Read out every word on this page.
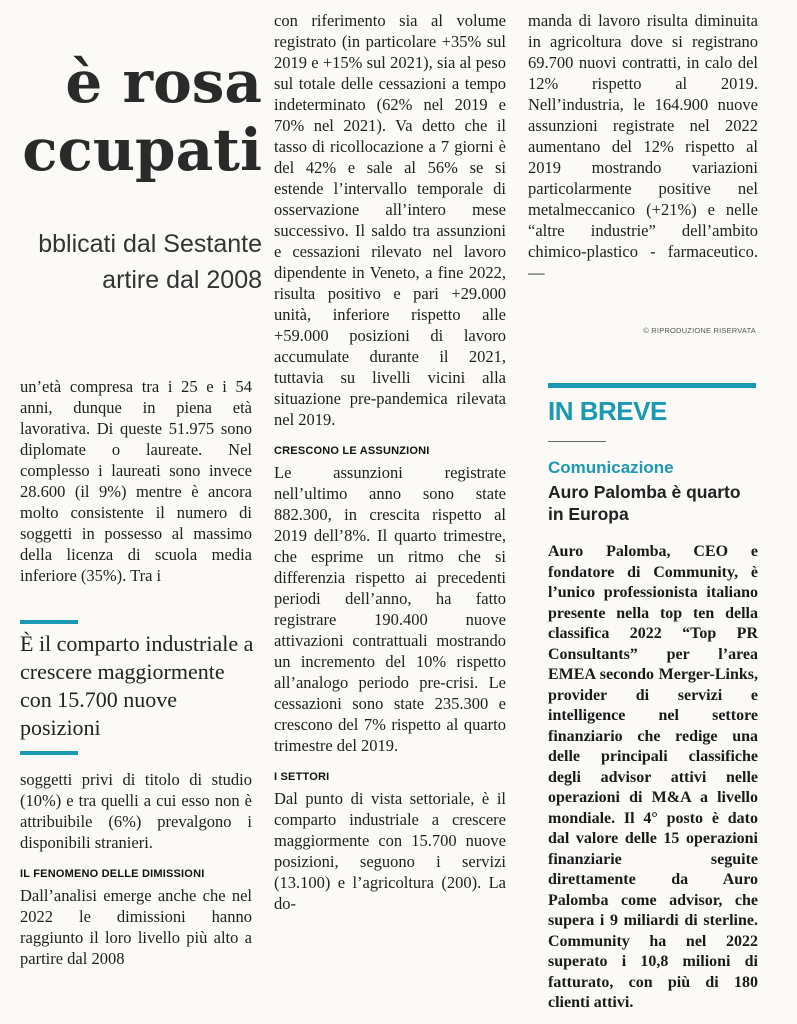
è rosa
ccupati
bblicati dal Sestante
artire dal 2008

un’età compresa tra i 25 e i 54 anni, dunque in piena età lavorativa. Di queste 51.975 sono diplomate o laureate. Nel complesso i laureati sono invece 28.600 (il 9%) mentre è ancora molto consistente il numero di soggetti in possesso al massimo della licenza di scuola media inferiore (35%). Tra i

È il comparto industriale a crescere maggiormente con 15.700 nuove posizioni

soggetti privi di titolo di studio (10%) e tra quelli a cui esso non è attribuibile (6%) prevalgono i disponibili stranieri.

IL FENOMENO DELLE DIMISSIONI

Dall’analisi emerge anche che nel 2022 le dimissioni hanno raggiunto il loro livello più alto a partire dal 2008

con riferimento sia al volume registrato (in particolare +35% sul 2019 e +15% sul 2021), sia al peso sul totale delle cessazioni a tempo indeterminato (62% nel 2019 e 70% nel 2021). Va detto che il tasso di ricollocazione a 7 giorni è del 42% e sale al 56% se si estende l’intervallo temporale di osservazione all’intero mese successivo. Il saldo tra assunzioni e cessazioni rilevato nel lavoro dipendente in Veneto, a fine 2022, risulta positivo e pari +29.000 unità, inferiore rispetto alle +59.000 posizioni di lavoro accumulate durante il 2021, tuttavia su livelli vicini alla situazione pre-pandemica rilevata nel 2019.

CRESCONO LE ASSUNZIONI

Le assunzioni registrate nell’ultimo anno sono state 882.300, in crescita rispetto al 2019 dell’8%. Il quarto trimestre, che esprime un ritmo che si differenzia rispetto ai precedenti periodi dell’anno, ha fatto registrare 190.400 nuove attivazioni contrattuali mostrando un incremento del 10% rispetto all’analogo periodo pre-crisi. Le cessazioni sono state 235.300 e crescono del 7% rispetto al quarto trimestre del 2019.

I SETTORI

Dal punto di vista settoriale, è il comparto industriale a crescere maggiormente con 15.700 nuove posizioni, seguono i servizi (13.100) e l’agricoltura (200). La do-

manda di lavoro risulta diminuita in agricoltura dove si registrano 69.700 nuovi contratti, in calo del 12% rispetto al 2019. Nell’industria, le 164.900 nuove assunzioni registrate nel 2022 aumentano del 12% rispetto al 2019 mostrando variazioni particolarmente positive nel metalmeccanico (+21%) e nelle “altre industrie” dell’ambito chimico-plastico - farmaceutico.—

© RIPRODUZIONE RISERVATA
IN BREVE
Comunicazione
Auro Palomba è quarto in Europa
Auro Palomba, CEO e fondatore di Community, è l’unico professionista italiano presente nella top ten della classifica 2022 “Top PR Consultants” per l’area EMEA secondo Merger-Links, provider di servizi e intelligence nel settore finanziario che redige una delle principali classifiche degli advisor attivi nelle operazioni di M&A a livello mondiale. Il 4° posto è dato dal valore delle 15 operazioni finanziarie seguite direttamente da Auro Palomba come advisor, che supera i 9 miliardi di sterline. Community ha nel 2022 superato i 10,8 milioni di fatturato, con più di 180 clienti attivi.
